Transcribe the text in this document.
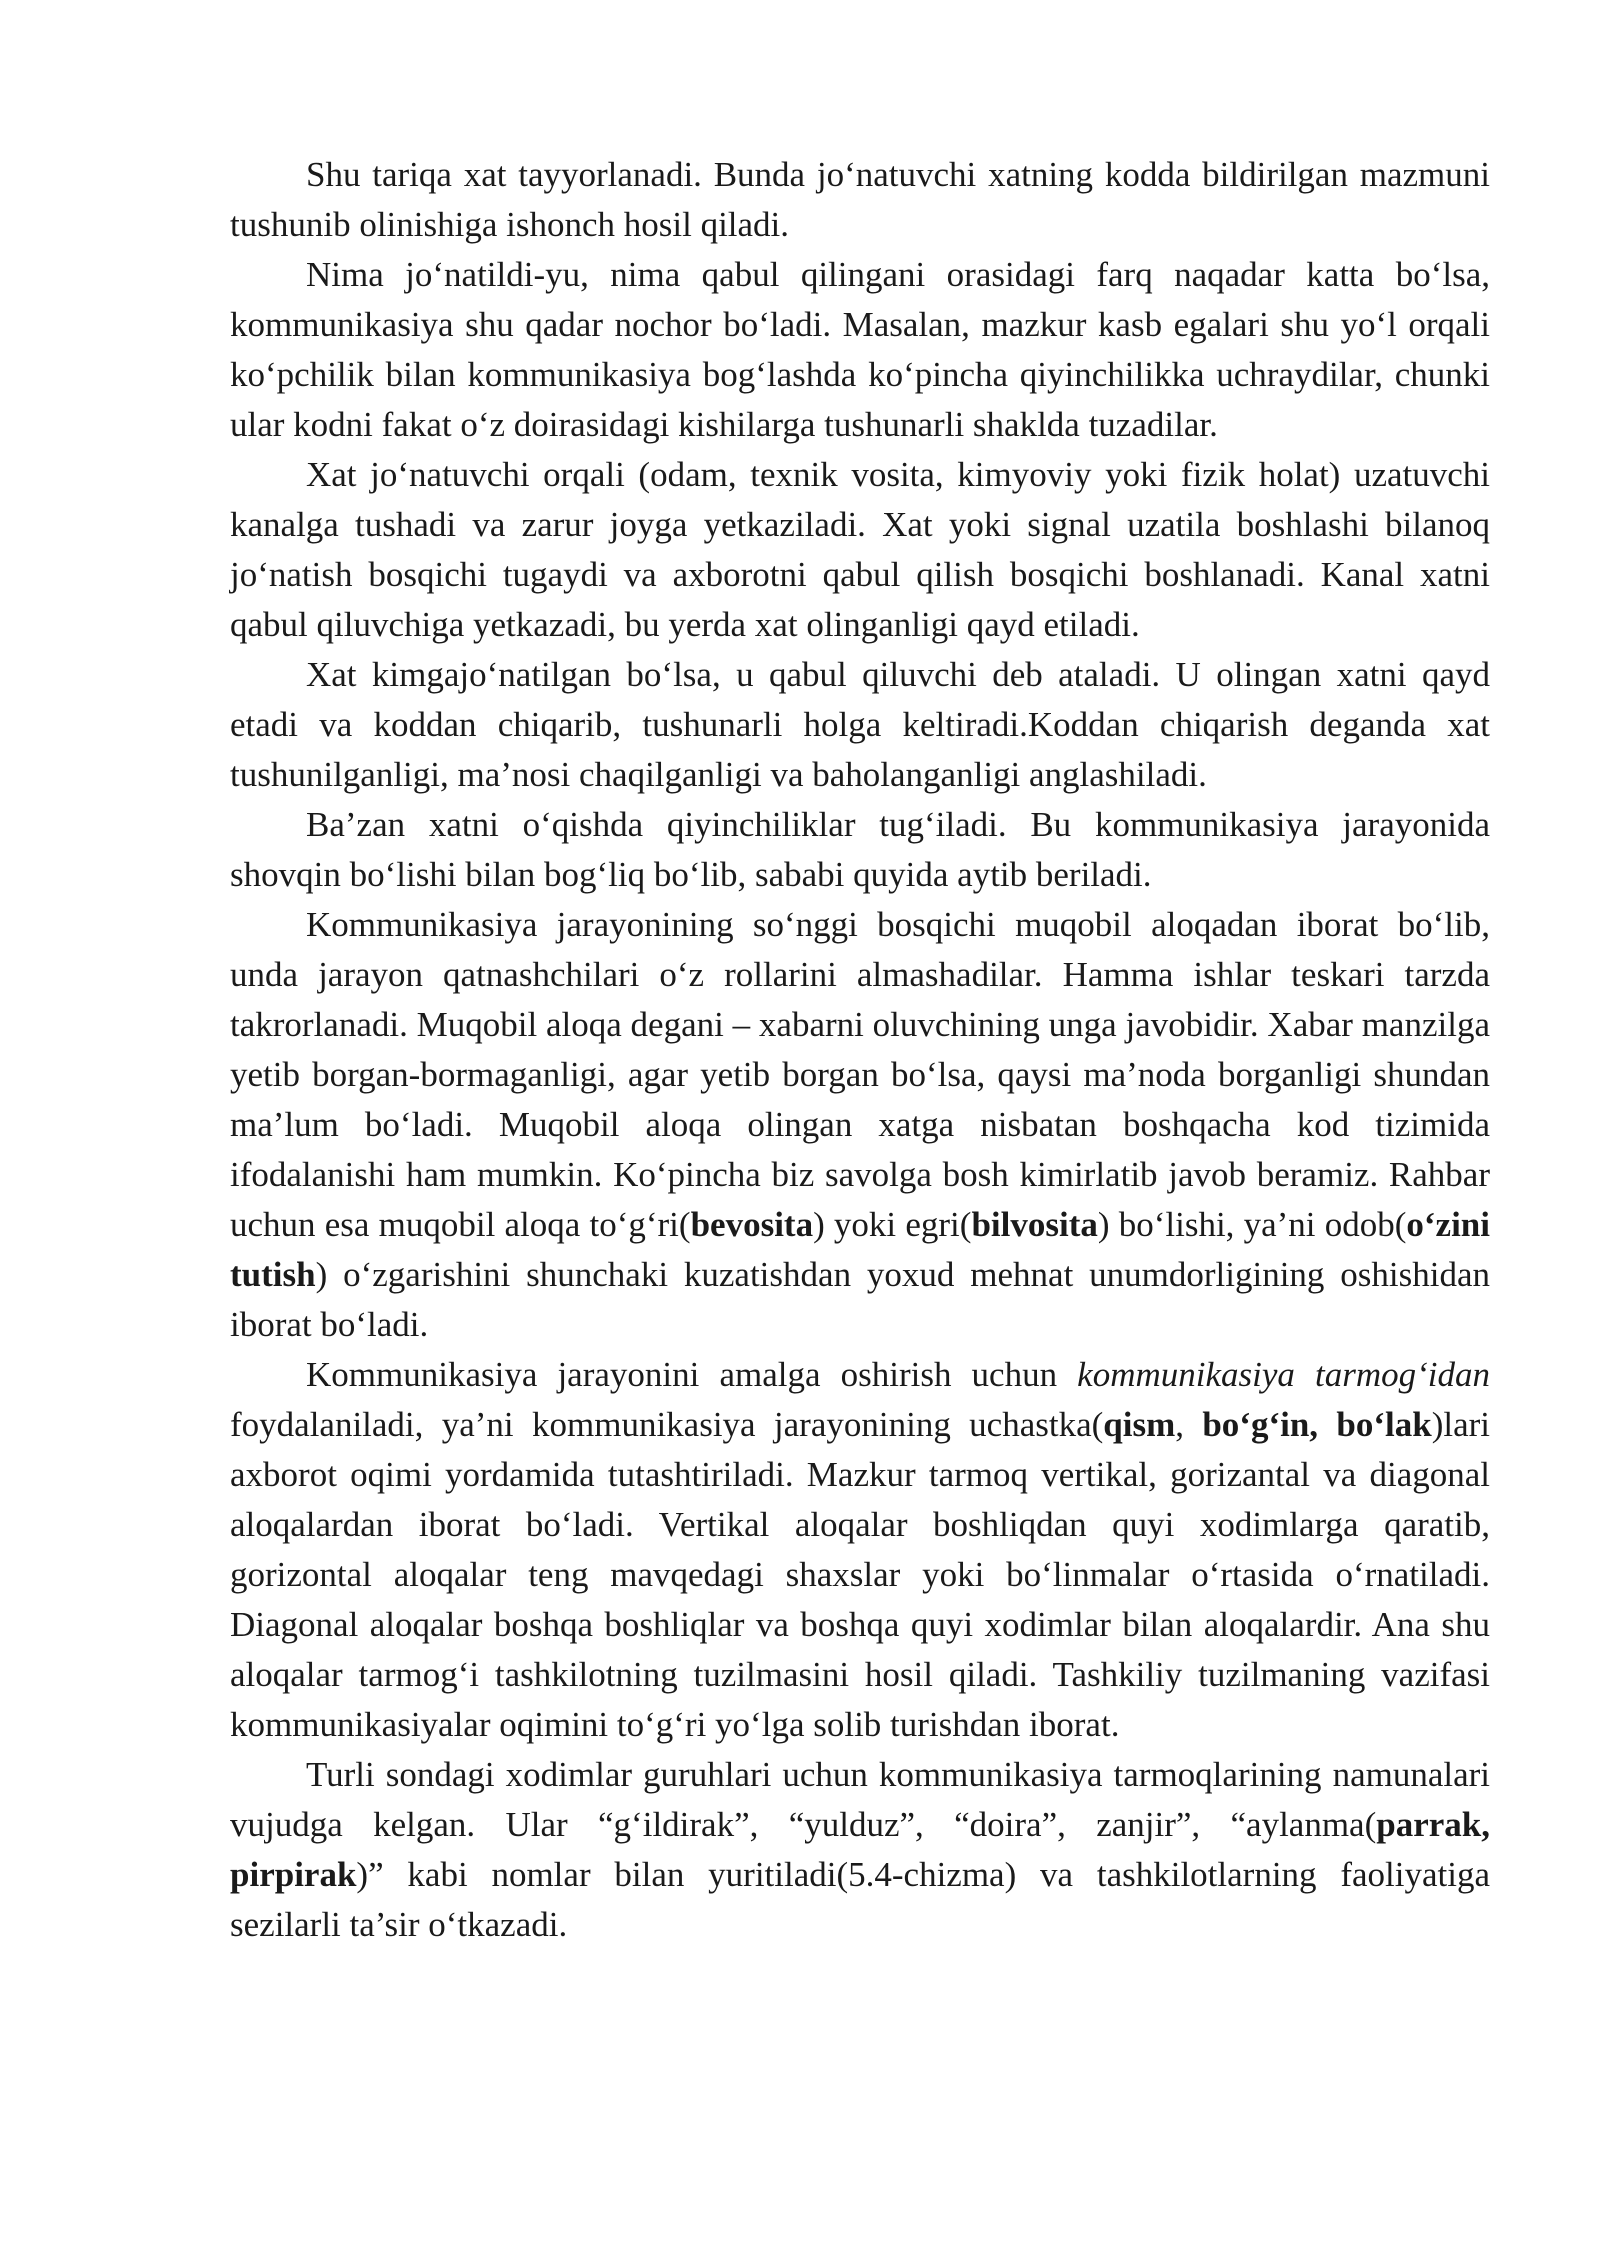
Shu tariqa xat tayyorlanadi. Bunda jo‘natuvchi xatning kodda bildirilgan mazmuni tushunib olinishiga ishonch hosil qiladi.

Nima jo‘natildi-yu, nima qabul qilingani orasidagi farq naqadar katta bo‘lsa, kommunikasiya shu qadar nochor bo‘ladi. Masalan, mazkur kasb egalari shu yo‘l orqali ko‘pchilik bilan kommunikasiya bog‘lashda ko‘pincha qiyinchilikka uchraydilar, chunki ular kodni fakat o‘z doirasidagi kishilarga tushunarli shaklda tuzadilar.

Xat jo‘natuvchi orqali (odam, texnik vosita, kimyoviy yoki fizik holat) uzatuvchi kanalga tushadi va zarur joyga yetkaziladi. Xat yoki signal uzatila boshlashi bilanoq jo‘natish bosqichi tugaydi va axborotni qabul qilish bosqichi boshlanadi. Kanal xatni qabul qiluvchiga yetkazadi, bu yerda xat olinganligi qayd etiladi.

Xat kimgajo‘natilgan bo‘lsa, u qabul qiluvchi deb ataladi. U olingan xatni qayd etadi va koddan chiqarib, tushunarli holga keltiradi.Koddan chiqarish deganda xat tushunilganligi, ma’nosi chaqilganligi va baholanganligi anglashiladi.

Ba’zan xatni o‘qishda qiyinchiliklar tug‘iladi. Bu kommunikasiya jarayonida shovqin bo‘lishi bilan bog‘liq bo‘lib, sababi quyida aytib beriladi.

Kommunikasiya jarayonining so‘nggi bosqichi muqobil aloqadan iborat bo‘lib, unda jarayon qatnashchilari o‘z rollarini almashadilar. Hamma ishlar teskari tarzda takrorlanadi. Muqobil aloqa degani – xabarni oluvchining unga javobidir. Xabar manzilga yetib borgan-bormaganligi, agar yetib borgan bo‘lsa, qaysi ma’noda borganligi shundan ma’lum bo‘ladi. Muqobil aloqa olingan xatga nisbatan boshqacha kod tizimida ifodalanishi ham mumkin. Ko‘pincha biz savolga bosh kimirlatib javob beramiz. Rahbar uchun esa muqobil aloqa to‘g‘ri(bevosita) yoki egri(bilvosita) bo‘lishi, ya’ni odob(o‘zini tutish) o‘zgarishini shunchaki kuzatishdan yoxud mehnat unumdorligining oshishidan iborat bo‘ladi.

Kommunikasiya jarayonini amalga oshirish uchun kommunikasiya tarmog‘idan foydalaniladi, ya’ni kommunikasiya jarayonining uchastka(qism, bo‘g‘in, bo‘lak)lari axborot oqimi yordamida tutashtiriladi. Mazkur tarmoq vertikal, gorizantal va diagonal aloqalardan iborat bo‘ladi. Vertikal aloqalar boshliqdan quyi xodimlarga qaratib, gorizontal aloqalar teng mavqedagi shaxslar yoki bo‘linmalar o‘rtasida o‘rnatiladi. Diagonal aloqalar boshqa boshliqlar va boshqa quyi xodimlar bilan aloqalardir. Ana shu aloqalar tarmog‘i tashkilotning tuzilmasini hosil qiladi. Tashkiliy tuzilmaning vazifasi kommunikasiyalar oqimini to‘g‘ri yo‘lga solib turishdan iborat.

Turli sondagi xodimlar guruhlari uchun kommunikasiya tarmoqlarining namunalari vujudga kelgan. Ular “g‘ildirak”, “yulduz”, “doira”, zanjir”, “aylanma(parrak, pirpirak)” kabi nomlar bilan yuritiladi(5.4-chizma) va tashkilotlarning faoliyatiga sezilarli ta’sir o‘tkazadi.
